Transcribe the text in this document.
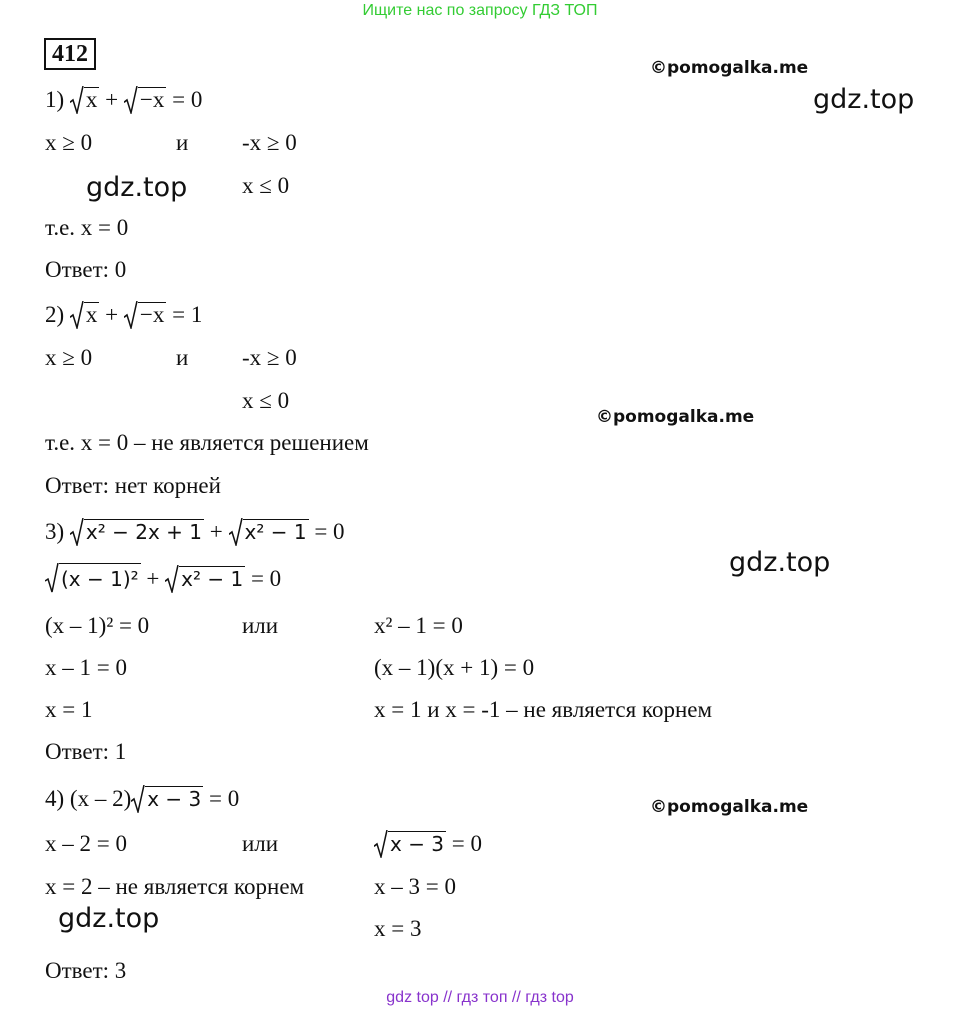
Ищите нас по запросу ГДЗ ТОП
gdz top // гдз топ // гдз top
412
©pomogalka.me
gdz.top
gdz.top
©pomogalka.me
gdz.top
©pomogalka.me
gdz.top
1) x + −x = 0
x ≥ 0	и -x ≥ 0
x ≤ 0
т.е. x = 0
Ответ: 0
2) x + −x = 1
x ≥ 0	и -x ≥ 0
x ≤ 0
т.е. x = 0 – не является решением
Ответ: нет корней
3) x² − 2x + 1 + x² − 1 = 0
(x − 1)² + x² − 1 = 0
(x – 1)² = 0	или	x² – 1 = 0
x – 1 = 0	(x – 1)(x + 1) = 0
x = 1	x = 1 и x = -1 – не является корнем
Ответ: 1
4) (x – 2) x − 3 = 0
x – 2 = 0	или	x − 3 = 0
x = 2 – не является корнем	x – 3 = 0
x = 3
Ответ: 3
